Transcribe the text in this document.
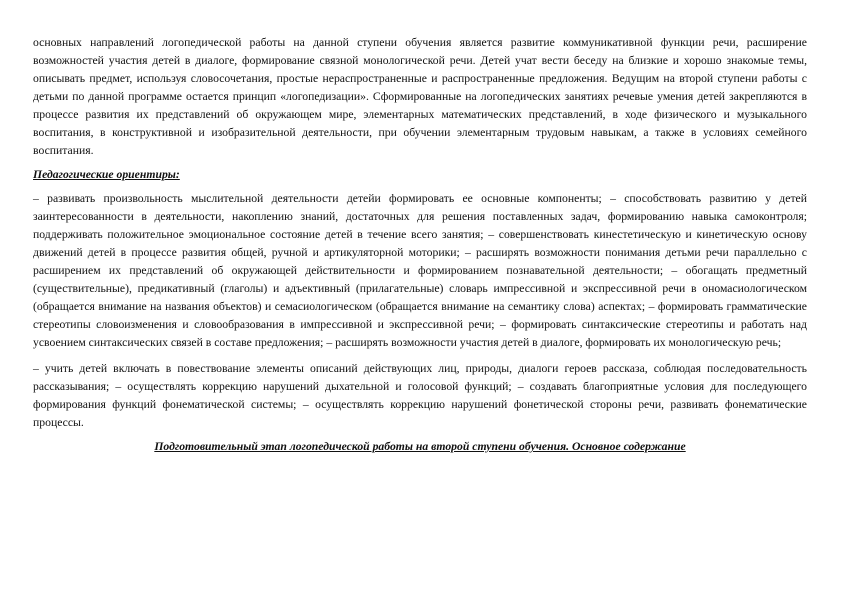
основных направлений логопедической работы на данной ступени обучения является развитие коммуникативной функции речи, расширение возможностей участия детей в диалоге, формирование связной монологической речи. Детей учат вести беседу на близкие и хорошо знакомые темы, описывать предмет, используя словосочетания, простые нераспространенные и распространенные предложения. Ведущим на второй ступени работы с детьми по данной программе остается принцип «логопедизации». Сформированные на логопедических занятиях речевые умения детей закрепляются в процессе развития их представлений об окружающем мире, элементарных математических представлений, в ходе физического и музыкального воспитания, в конструктивной и изобразительной деятельности, при обучении элементарным трудовым навыкам, а также в условиях семейного воспитания.

Педагогические ориентиры:

– развивать произвольность мыслительной деятельности детейи формировать ее основные компоненты; – способствовать развитию у детей заинтересованности в деятельности, накоплению знаний, достаточных для решения поставленных задач, формированию навыка самоконтроля; поддерживать положительное эмоциональное состояние детей в течение всего занятия; – совершенствовать кинестетическую и кинетическую основу движений детей в процессе развития общей, ручной и артикуляторной моторики; – расширять возможности понимания детьми речи параллельно с расширением их представлений об окружающей действительности и формированием познавательной деятельности; – обогащать предметный (существительные), предикативный (глаголы) и адъективный (прилагательные) словарь импрессивной и экспрессивной речи в ономасиологическом (обращается внимание на названия объектов) и семасиологическом (обращается внимание на семантику слова) аспектах; – формировать грамматические стереотипы словоизменения и словообразования в импрессивной и экспрессивной речи; – формировать синтаксические стереотипы и работать над усвоением синтаксических связей в составе предложения; – расширять возможности участия детей в диалоге, формировать их монологическую речь;

– учить детей включать в повествование элементы описаний действующих лиц, природы, диалоги героев рассказа, соблюдая последовательность рассказывания; – осуществлять коррекцию нарушений дыхательной и голосовой функций; – создавать благоприятные условия для последующего формирования функций фонематической системы; – осуществлять коррекцию нарушений фонетической стороны речи, развивать фонематические процессы.

Подготовительный этап логопедической работы на второй ступени обучения. Основное содержание
